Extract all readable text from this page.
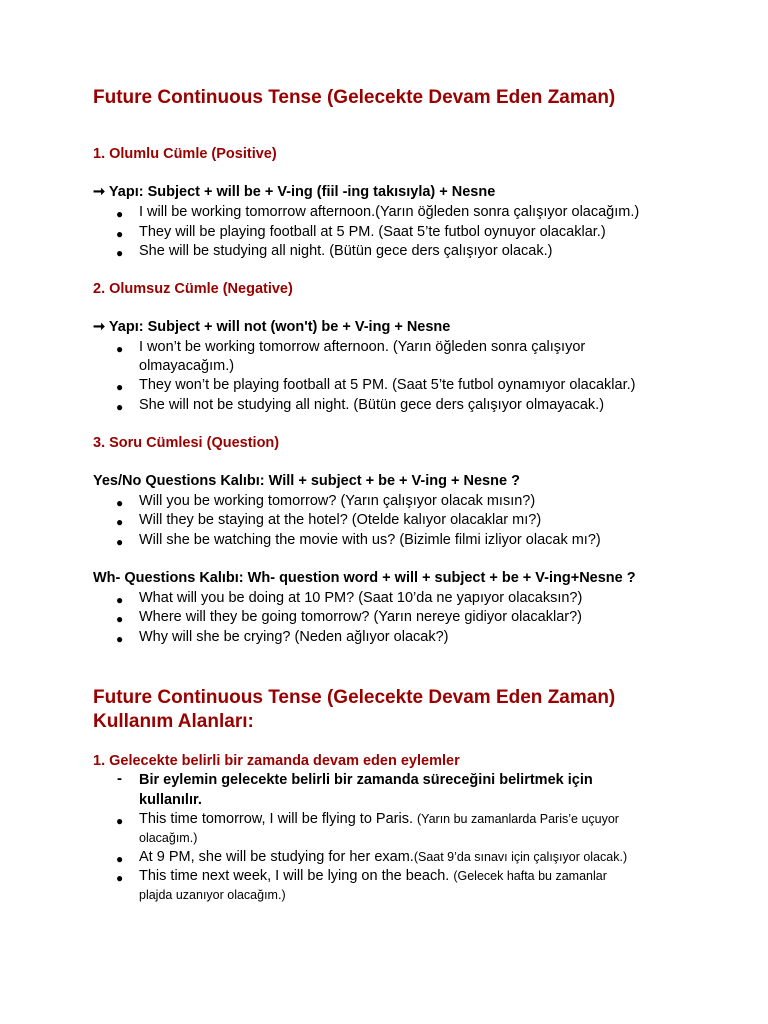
Future Continuous Tense (Gelecekte Devam Eden Zaman)
1. Olumlu Cümle (Positive)
➞ Yapı: Subject + will be + V-ing (fiil -ing takısıyla) + Nesne
● I will be working tomorrow afternoon.(Yarın öğleden sonra çalışıyor olacağım.)
● They will be playing football at 5 PM. (Saat 5’te futbol oynuyor olacaklar.)
● She will be studying all night. (Bütün gece ders çalışıyor olacak.)
2. Olumsuz Cümle (Negative)
➞ Yapı: Subject + will not (won't) be + V-ing + Nesne
● I won’t be working tomorrow afternoon. (Yarın öğleden sonra çalışıyor
olmayacağım.)
● They won’t be playing football at 5 PM. (Saat 5’te futbol oynamıyor olacaklar.)
● She will not be studying all night. (Bütün gece ders çalışıyor olmayacak.)
3. Soru Cümlesi (Question)
Yes/No Questions Kalıbı: Will + subject + be + V-ing + Nesne ?
● Will you be working tomorrow? (Yarın çalışıyor olacak mısın?)
● Will they be staying at the hotel? (Otelde kalıyor olacaklar mı?)
● Will she be watching the movie with us? (Bizimle filmi izliyor olacak mı?)
Wh- Questions Kalıbı: Wh- question word + will + subject + be + V-ing+Nesne ?
● What will you be doing at 10 PM? (Saat 10’da ne yapıyor olacaksın?)
● Where will they be going tomorrow? (Yarın nereye gidiyor olacaklar?)
● Why will she be crying? (Neden ağlıyor olacak?)
Future Continuous Tense (Gelecekte Devam Eden Zaman)
Kullanım Alanları:
1. Gelecekte belirli bir zamanda devam eden eylemler
- Bir eylemin gelecekte belirli bir zamanda süreceğini belirtmek için
kullanılır.
● This time tomorrow, I will be flying to Paris. (Yarın bu zamanlarda Paris’e uçuyor
olacağım.)
● At 9 PM, she will be studying for her exam.(Saat 9’da sınavı için çalışıyor olacak.)
● This time next week, I will be lying on the beach. (Gelecek hafta bu zamanlar
plajda uzanıyor olacağım.)
